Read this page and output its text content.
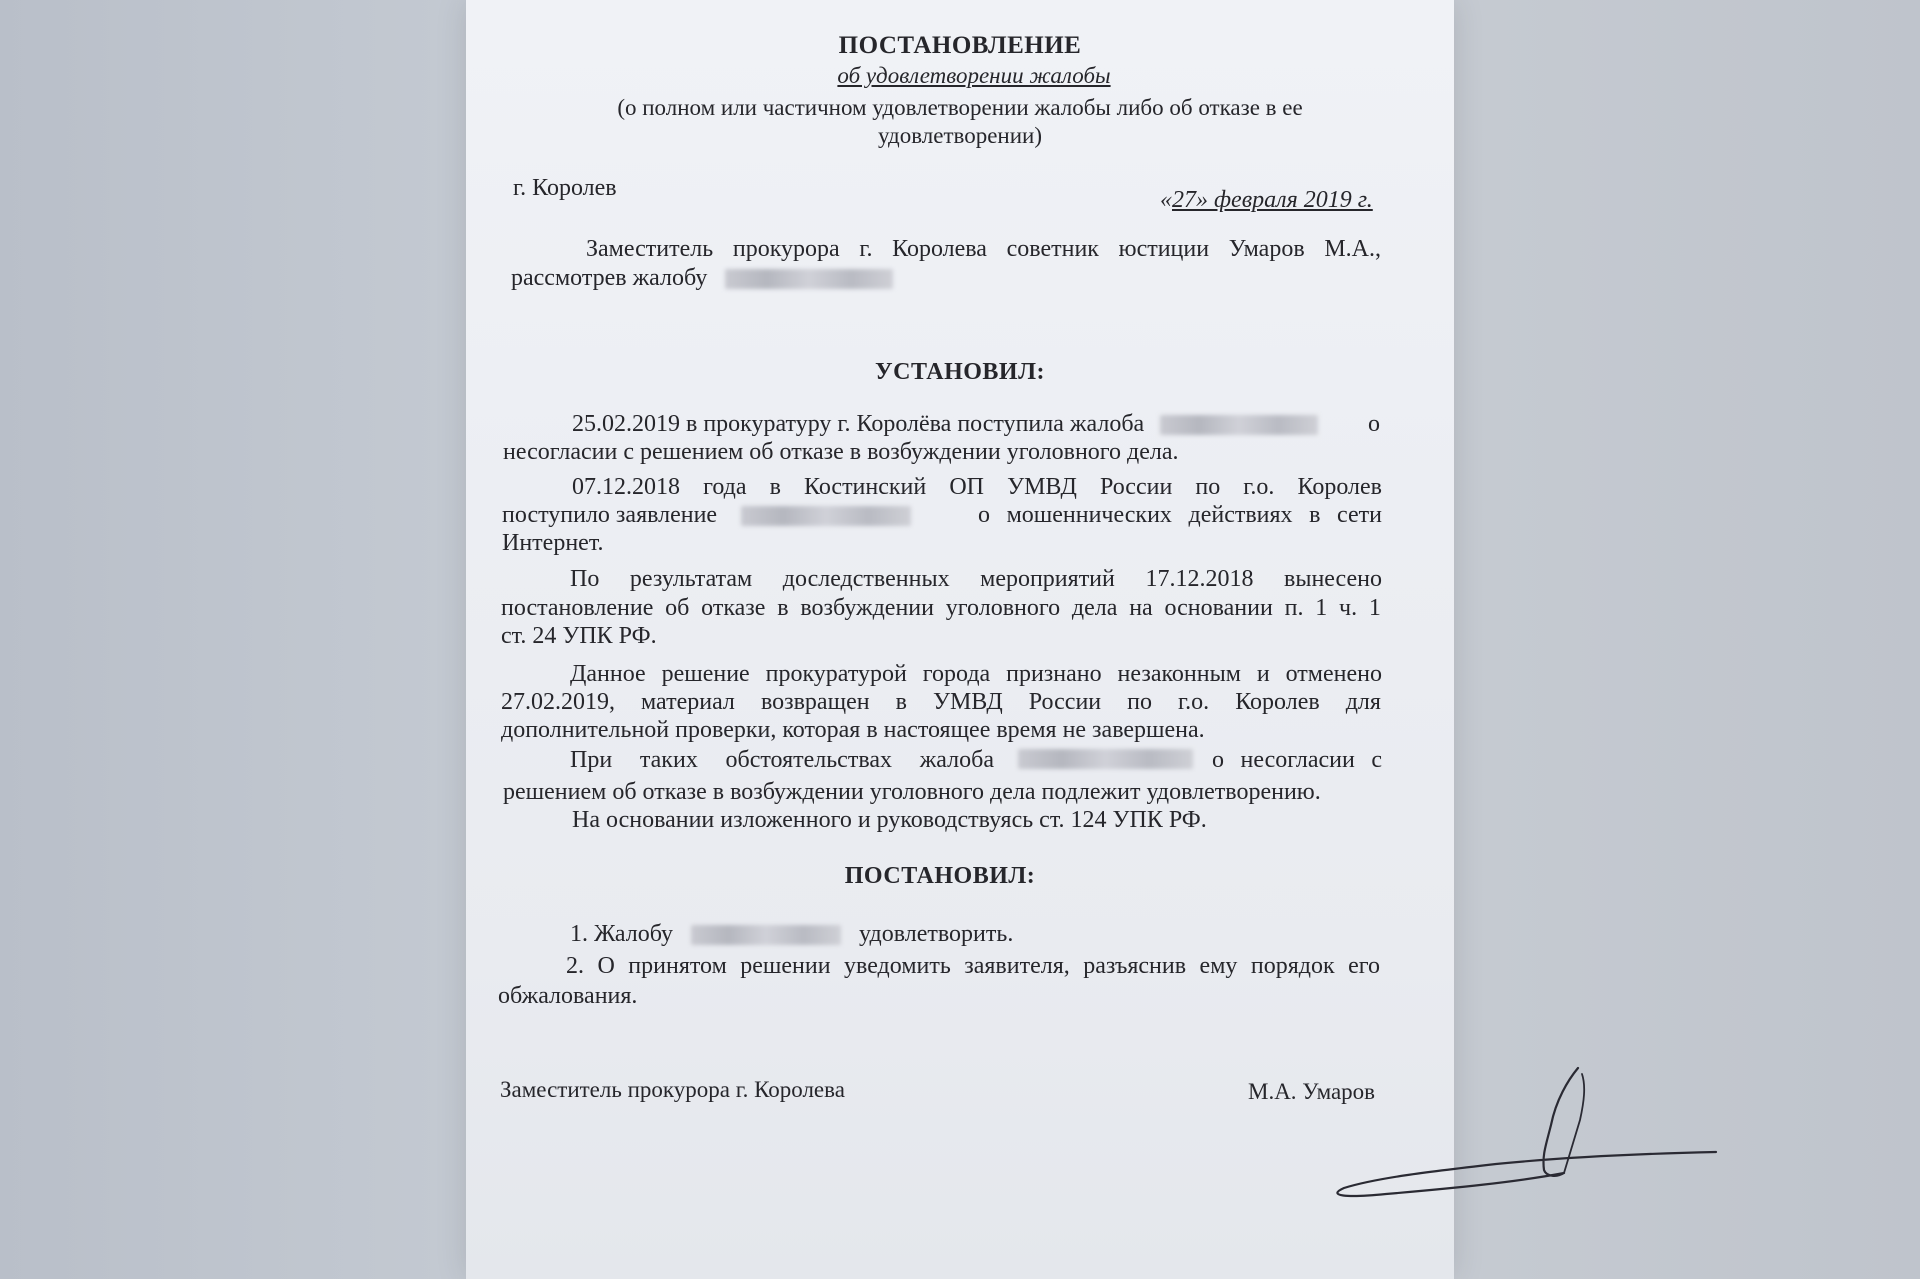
ПОСТАНОВЛЕНИЕ
об удовлетворении жалобы
(о полном или частичном удовлетворении жалобы либо об отказе в ее
удовлетворении)
г. Королев	«27» февраля 2019 г.
Заместитель прокурора г. Королева советник юстиции Умаров М.А.,
рассмотрев жалобу
УСТАНОВИЛ:
25.02.2019 в прокуратуру г. Королёва поступила жалоба	о
несогласии с решением об отказе в возбуждении уголовного дела.
07.12.2018 года в Костинский ОП УМВД России по г.о. Королев
поступило заявление	о мошеннических действиях в сети
Интернет.
По результатам доследственных мероприятий 17.12.2018 вынесено
постановление об отказе в возбуждении уголовного дела на основании п. 1 ч. 1
ст. 24 УПК РФ.
Данное решение прокуратурой города признано незаконным и отменено
27.02.2019, материал возвращен в УМВД России по г.о. Королев для
дополнительной проверки, которая в настоящее время не завершена.
При таких обстоятельствах жалоба	о несогласии с
решением об отказе в возбуждении уголовного дела подлежит удовлетворению.
На основании изложенного и руководствуясь ст. 124 УПК РФ.
ПОСТАНОВИЛ:
1. Жалобу	удовлетворить.
2. О принятом решении уведомить заявителя, разъяснив ему порядок его
обжалования.
Заместитель прокурора г. Королева	М.А. Умаров
